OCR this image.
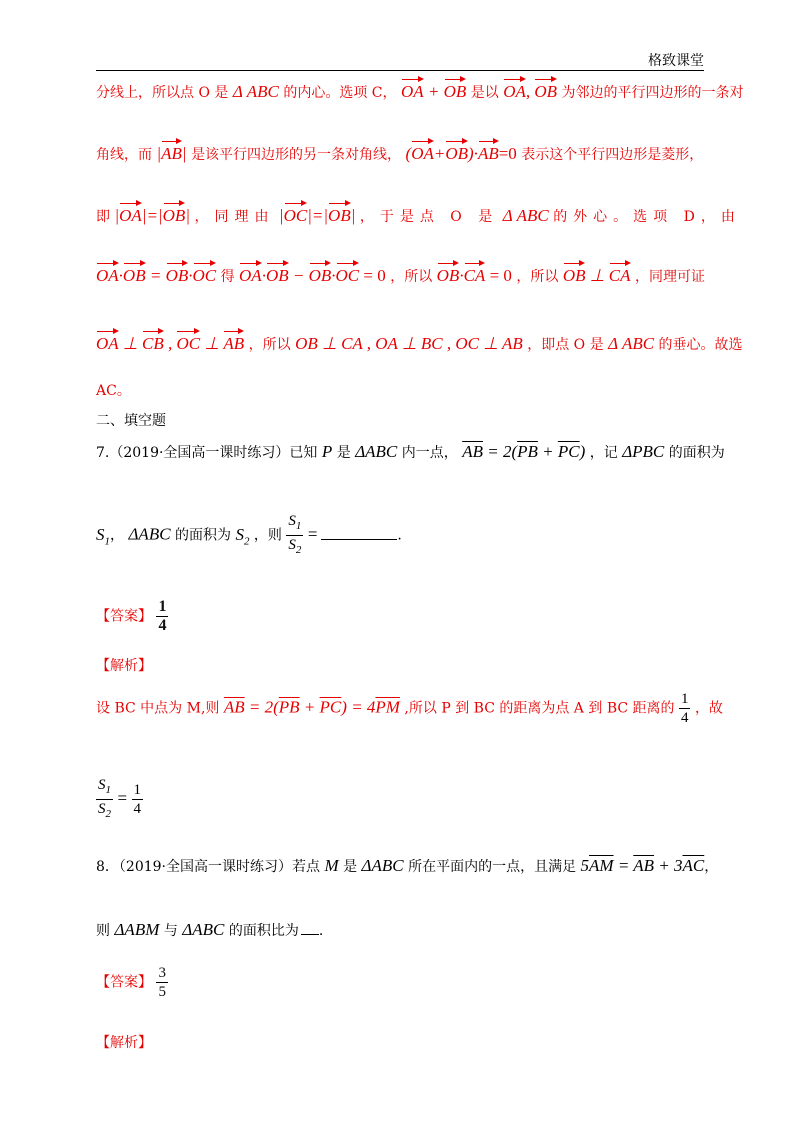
格致课堂
分线上，所以点 O 是 Δ ABC 的内心。选项 C， OA + OB 是以 OA, OB 为邻边的平行四边形的一条对
角线，而 |AB| 是该平行四边形的另一条对角线， (OA+OB)·AB=0 表示这个平行四边形是菱形，
即 |OA|=|OB| ，同理由 |OC|=|OB| ，于是点 O 是 Δ ABC 的外心。选项 D，由
OA·OB = OB·OC 得 OA·OB − OB·OC = 0 ，所以 OB·CA = 0 ，所以 OB ⊥ CA ，同理可证
OA ⊥ CB , OC ⊥ AB ，所以 OB ⊥ CA , OA ⊥ BC , OC ⊥ AB ，即点 O 是 Δ ABC 的垂心。故选
AC。
二、填空题
7.（2019·全国高一课时练习）已知 P 是 ΔABC 内一点， $\overline{AB} = 2(\overline{PB} + \overline{PC})$ ，记 ΔPBC 的面积为
$S_1$， ΔABC 的面积为 $S_2$ ，则 $\frac{S_1}{S_2}$ =	.
【答案】 $\frac{1}{4}$
【解析】
设 BC 中点为 M,则 $\overline{AB} = 2(\overline{PB} + \overline{PC}) = 4\overline{PM}$ ,所以 P 到 BC 的距离为点 A 到 BC 距离的 $\frac{1}{4}$ ，故
$\frac{S_1}{S_2} = \frac{1}{4}$
8．（2019·全国高一课时练习）若点 M 是 ΔABC 所在平面内的一点，且满足 $5\overline{AM} = \overline{AB} + 3\overline{AC}$，
则 ΔABM 与 ΔABC 的面积比为 .
【答案】 $\frac{3}{5}$
【解析】
